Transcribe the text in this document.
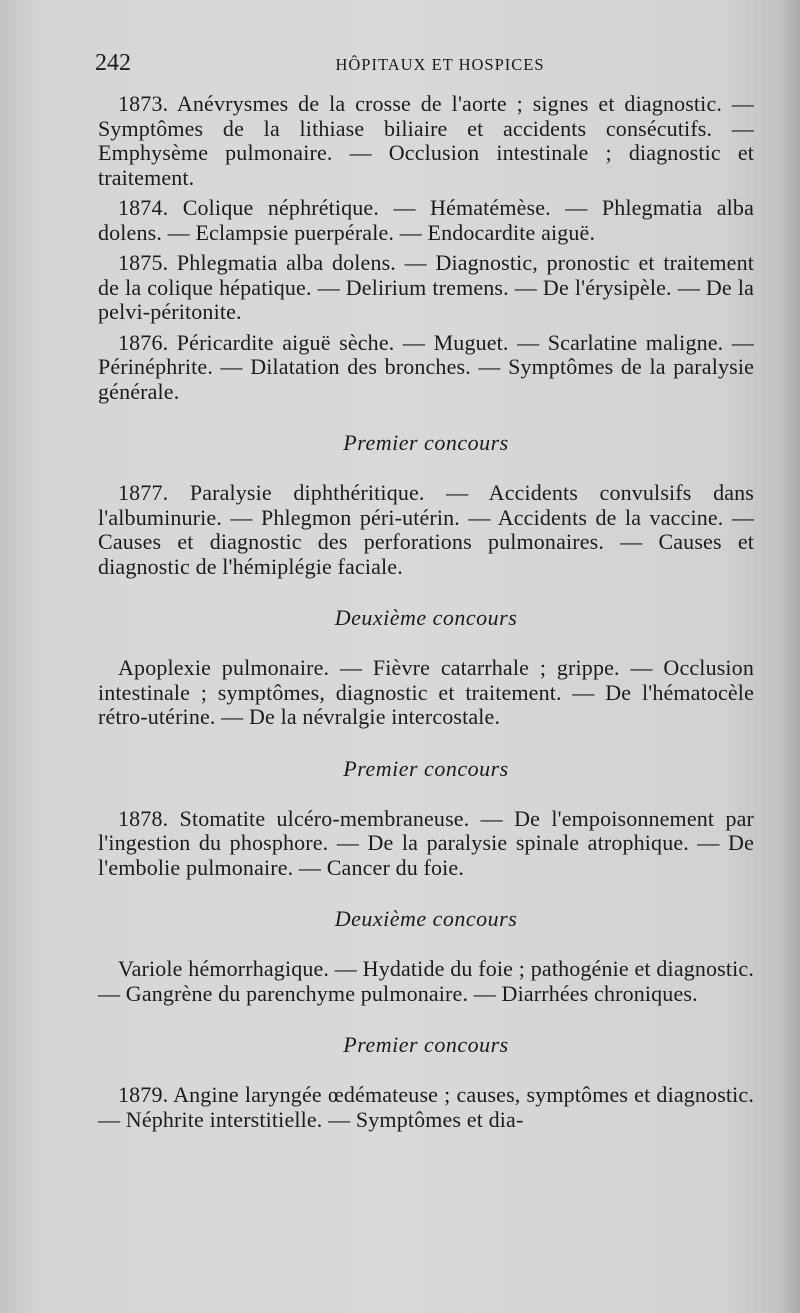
242	HÔPITAUX ET HOSPICES

1873. Anévrysmes de la crosse de l'aorte ; signes et diagnostic. — Symptômes de la lithiase biliaire et accidents consécutifs. — Emphysème pulmonaire. — Occlusion intestinale ; diagnostic et traitement.

1874. Colique néphrétique. — Hématémèse. — Phlegmatia alba dolens. — Eclampsie puerpérale. — Endocardite aiguë.

1875. Phlegmatia alba dolens. — Diagnostic, pronostic et traitement de la colique hépatique. — Delirium tremens. — De l'érysipèle. — De la pelvi-péritonite.

1876. Péricardite aiguë sèche. — Muguet. — Scarlatine maligne. — Périnéphrite. — Dilatation des bronches. — Symptômes de la paralysie générale.

Premier concours

1877. Paralysie diphthéritique. — Accidents convulsifs dans l'albuminurie. — Phlegmon péri-utérin. — Accidents de la vaccine. — Causes et diagnostic des perforations pulmonaires. — Causes et diagnostic de l'hémiplégie faciale.

Deuxième concours

Apoplexie pulmonaire. — Fièvre catarrhale ; grippe. — Occlusion intestinale ; symptômes, diagnostic et traitement. — De l'hématocèle rétro-utérine. — De la névralgie intercostale.

Premier concours

1878. Stomatite ulcéro-membraneuse. — De l'empoisonnement par l'ingestion du phosphore. — De la paralysie spinale atrophique. — De l'embolie pulmonaire. — Cancer du foie.

Deuxième concours

Variole hémorrhagique. — Hydatide du foie ; pathogénie et diagnostic. — Gangrène du parenchyme pulmonaire. — Diarrhées chroniques.

Premier concours

1879. Angine laryngée œdémateuse ; causes, symptômes et diagnostic. — Néphrite interstitielle. — Symptômes et dia-
